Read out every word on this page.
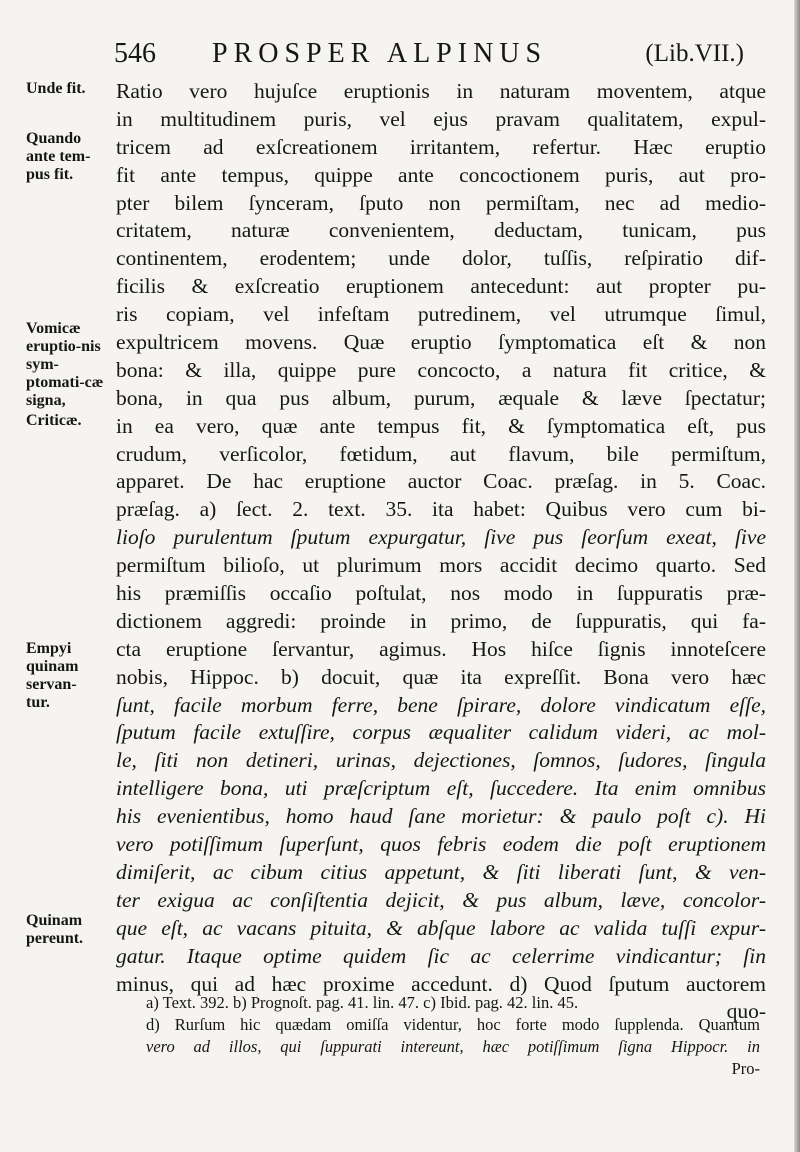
546 PROSPER ALPINUS	(Lib.VII.)
Unde fit.
Quando ante tem-pus fit.
Vomicæ eruptio-nis sym-ptomati-cæ signa,
Criticæ.
Empyi quinam servan-tur.
Quinam pereunt.
Ratio vero hujuſce eruptionis in naturam moventem, atque
in multitudinem puris, vel ejus pravam qualitatem, expul-
tricem ad exſcreationem irritantem, refertur. Hæc eruptio
fit ante tempus, quippe ante concoctionem puris, aut pro-
pter bilem ſynceram, ſputo non permiſtam, nec ad medio-
critatem, naturæ convenientem, deductam, tunicam, pus
continentem, erodentem; unde dolor, tuſſis, reſpiratio dif-
ficilis & exſcreatio eruptionem antecedunt: aut propter pu-
ris copiam, vel infeſtam putredinem, vel utrumque ſimul,
expultricem movens. Quæ eruptio ſymptomatica eſt & non
bona: & illa, quippe pure concocto, a natura fit critice, &
bona, in qua pus album, purum, æquale & læve ſpectatur;
in ea vero, quæ ante tempus fit, & ſymptomatica eſt, pus
crudum, verſicolor, fœtidum, aut flavum, bile permiſtum,
apparet. De hac eruptione auctor Coac. præſag. in 5. Coac.
præſag. a) ſect. 2. text. 35. ita habet: Quibus vero cum bi-
lioſo purulentum ſputum expurgatur, ſive pus ſeorſum exeat, ſive
permiſtum bilioſo, ut plurimum mors accidit decimo quarto. Sed
his præmiſſis occaſio poſtulat, nos modo in ſuppuratis præ-
dictionem aggredi: proinde in primo, de ſuppuratis, qui fa-
cta eruptione ſervantur, agimus. Hos hiſce ſignis innoteſcere
nobis, Hippoc. b) docuit, quæ ita expreſſit. Bona vero hæc
ſunt, facile morbum ferre, bene ſpirare, dolore vindicatum eſſe,
ſputum facile extuſſire, corpus æqualiter calidum videri, ac mol-
le, ſiti non detineri, urinas, dejectiones, ſomnos, ſudores, ſingula
intelligere bona, uti præſcriptum eſt, ſuccedere. Ita enim omnibus
his evenientibus, homo haud ſane morietur: & paulo poſt c). Hi
vero potiſſimum ſuperſunt, quos febris eodem die poſt eruptionem
dimiſerit, ac cibum citius appetunt, & ſiti liberati ſunt, & ven-
ter exigua ac conſiſtentia dejicit, & pus album, læve, concolor-
que eſt, ac vacans pituita, & abſque labore ac valida tuſſi expur-
gatur. Itaque optime quidem ſic ac celerrime vindicantur; ſin
minus, qui ad hæc proxime accedunt. d) Quod ſputum auctorem
quo-
a) Text. 392. b) Prognoſt. pag. 41. lin. 47. c) Ibid. pag. 42. lin. 45.
d) Rurſum hic quædam omiſſa videntur, hoc forte modo ſupplenda. Quantum
vero ad illos, qui ſuppurati intereunt, hæc potiſſimum ſigna Hippocr. in
Pro-
